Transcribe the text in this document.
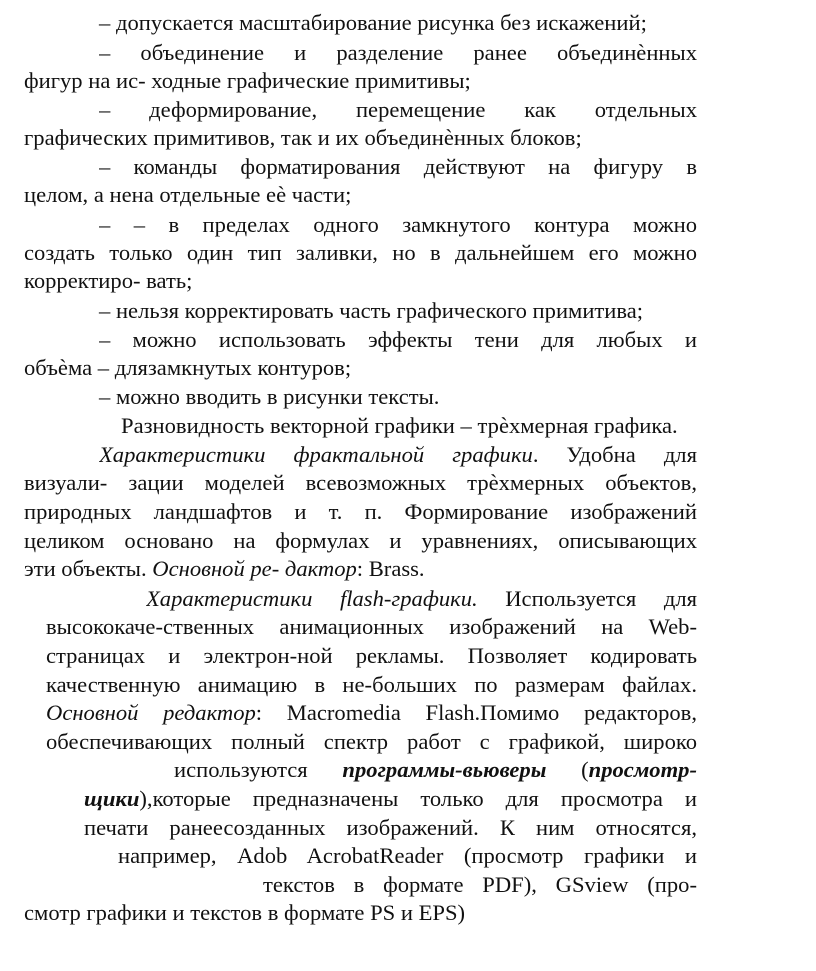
– допускается масштабирование рисунка без искажений;
– объединение и разделение ранее объединѐнных
фигур на ис- ходные графические примитивы;
– деформирование, перемещение как отдельных
графических примитивов, так и их объединѐнных блоков;
– команды форматирования действуют на фигуру в
целом, а нена отдельные еѐ части;
– – в пределах одного замкнутого контура можно
создать только один тип заливки, но в дальнейшем его можно
корректиро- вать;
– нельзя корректировать часть графического примитива;
– можно использовать эффекты тени для любых и
объѐма – длязамкнутых контуров;
– можно вводить в рисунки тексты.
Разновидность векторной графики – трѐхмерная графика.
Характеристики фрактальной графики. Удобна для
визуали- зации моделей всевозможных трѐхмерных объектов,
природных ландшафтов и т. п. Формирование изображений
целиком основано на формулах и уравнениях, описывающих
эти объекты. Основной ре- дактор: Brass.
Характеристики flash-графики. Используется для
высококаче-ственных анимационных изображений на Web-
страницах и электрон-ной рекламы. Позволяет кодировать
качественную анимацию в не-больших по размерам файлах.
Основной редактор: Macromedia Flash.Помимо редакторов,
обеспечивающих полный спектр работ с графикой, широко
используются программы-вьюверы (просмотр-
щики),которые предназначены только для просмотра и
печати ранеесозданных изображений. К ним относятся,
например, Adob AcrobatReader (просмотр графики и
текстов в формате PDF), GSview (про-
смотр графики и текстов в формате PS и EPS)
